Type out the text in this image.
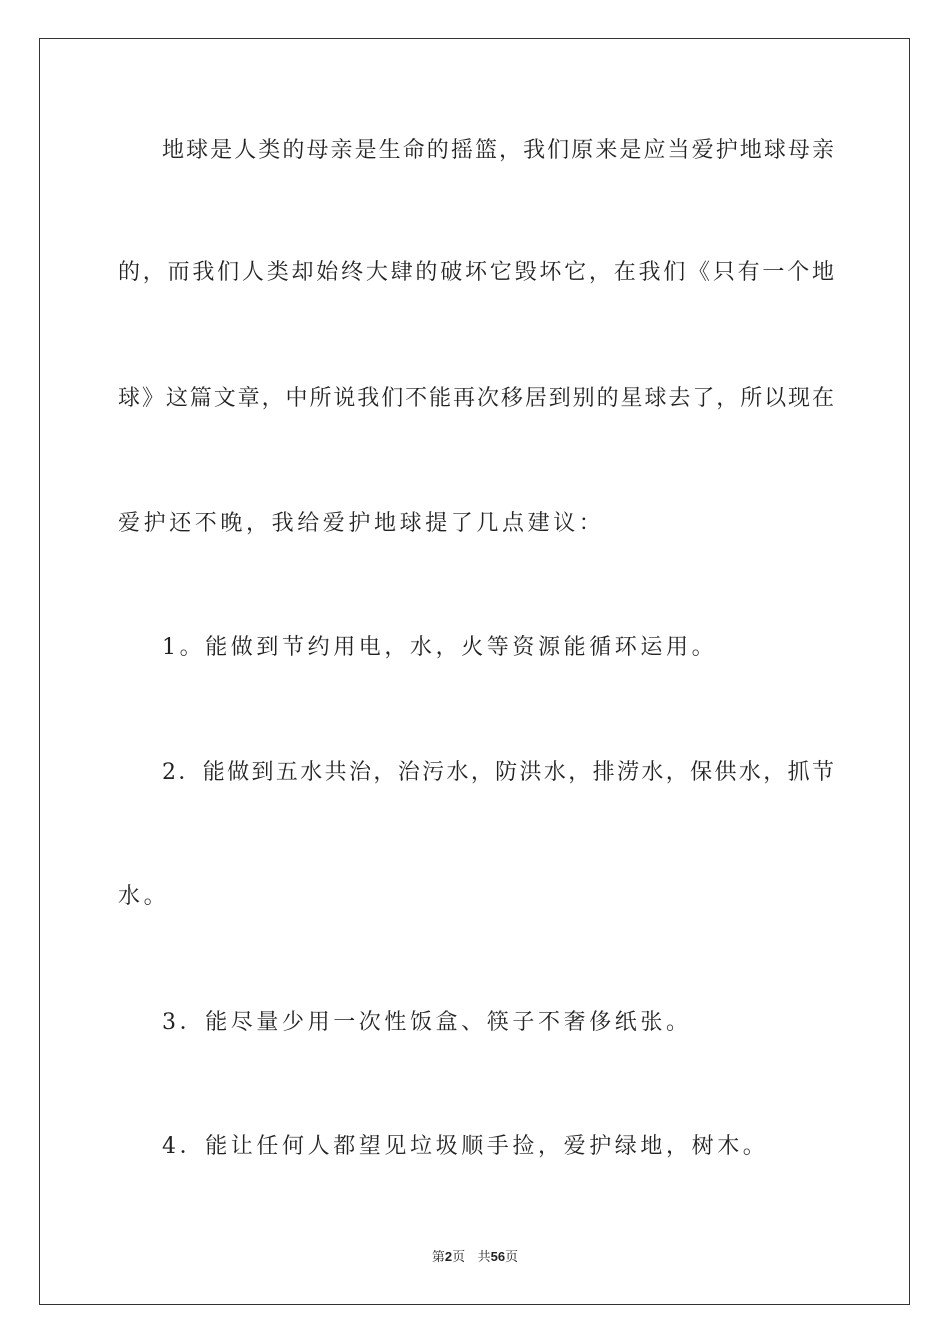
地球是人类的母亲是生命的摇篮，我们原来是应当爱护地球母亲
的，而我们人类却始终大肆的破坏它毁坏它，在我们《只有一个地
球》这篇文章，中所说我们不能再次移居到别的星球去了，所以现在
爱护还不晚，我给爱护地球提了几点建议：
1。能做到节约用电，水，火等资源能循环运用。
2．能做到五水共治，治污水，防洪水，排涝水，保供水，抓节
水。
3．能尽量少用一次性饭盒、筷子不奢侈纸张。
4．能让任何人都望见垃圾顺手捡，爱护绿地，树木。
第2页 共56页
